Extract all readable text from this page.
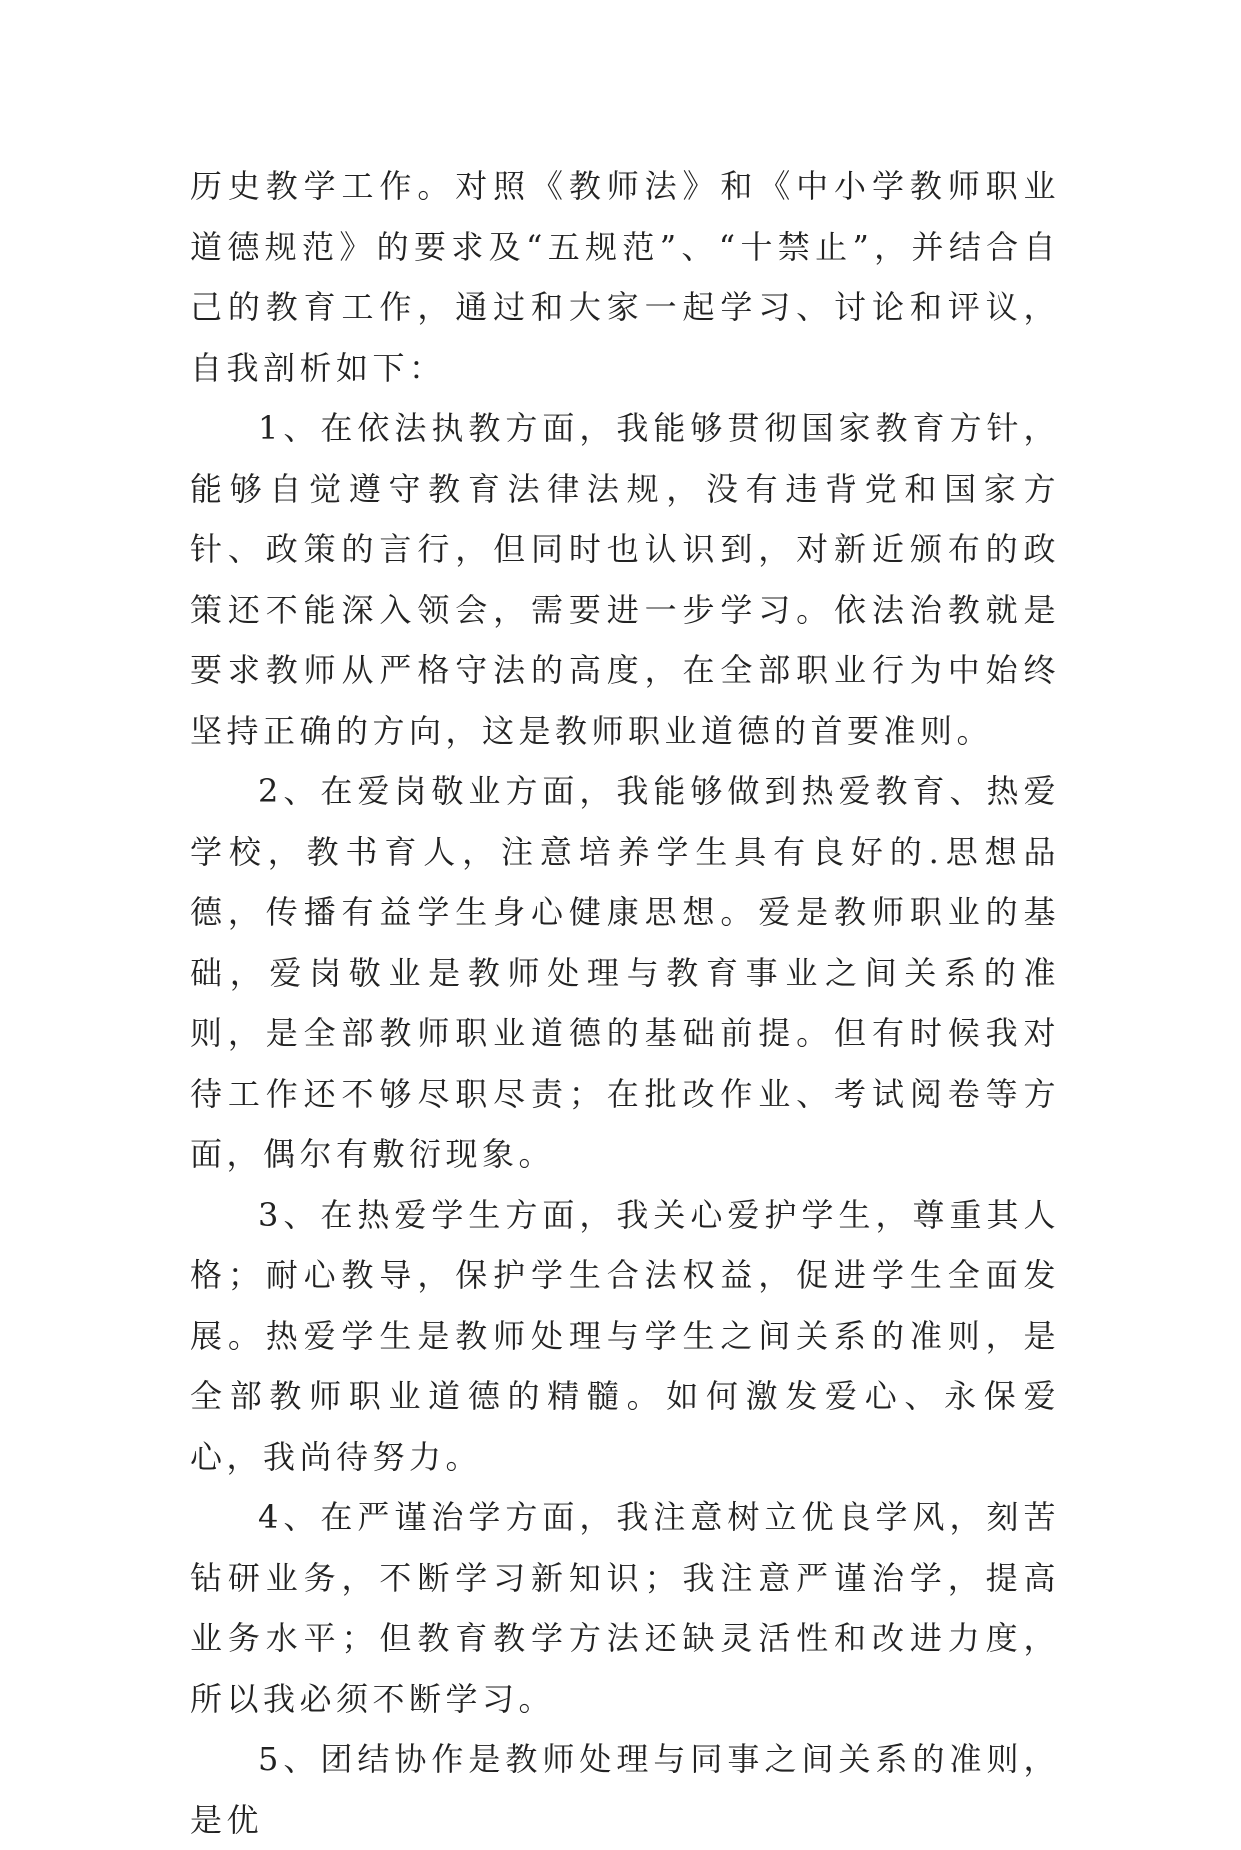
历史教学工作。对照《教师法》和《中小学教师职业道德规范》的要求及“五规范”、“十禁止”，并结合自己的教育工作，通过和大家一起学习、讨论和评议，自我剖析如下：

1、在依法执教方面，我能够贯彻国家教育方针，能够自觉遵守教育法律法规，没有违背党和国家方针、政策的言行，但同时也认识到，对新近颁布的政策还不能深入领会，需要进一步学习。依法治教就是要求教师从严格守法的高度，在全部职业行为中始终坚持正确的方向，这是教师职业道德的首要准则。

2、在爱岗敬业方面，我能够做到热爱教育、热爱学校，教书育人，注意培养学生具有良好的.思想品德，传播有益学生身心健康思想。爱是教师职业的基础，爱岗敬业是教师处理与教育事业之间关系的准则，是全部教师职业道德的基础前提。但有时候我对待工作还不够尽职尽责；在批改作业、考试阅卷等方面，偶尔有敷衍现象。

3、在热爱学生方面，我关心爱护学生，尊重其人格；耐心教导，保护学生合法权益，促进学生全面发展。热爱学生是教师处理与学生之间关系的准则，是全部教师职业道德的精髓。如何激发爱心、永保爱心，我尚待努力。

4、在严谨治学方面，我注意树立优良学风，刻苦钻研业务，不断学习新知识；我注意严谨治学，提高业务水平；但教育教学方法还缺灵活性和改进力度，所以我必须不断学习。

5、团结协作是教师处理与同事之间关系的准则，是优
